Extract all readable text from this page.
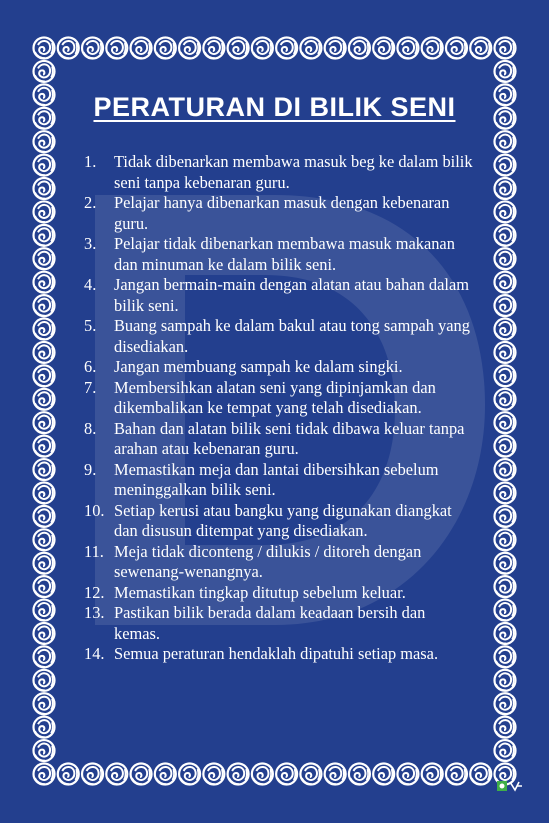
PERATURAN DI BILIK SENI
1.	Tidak dibenarkan membawa masuk beg ke dalam bilik seni tanpa kebenaran guru.
2.	Pelajar hanya dibenarkan masuk dengan kebenaran guru.
3.	Pelajar tidak dibenarkan membawa masuk makanan dan minuman ke dalam bilik seni.
4.	Jangan bermain-main dengan alatan atau bahan dalam bilik seni.
5.	Buang sampah ke dalam bakul atau tong sampah yang disediakan.
6.	Jangan membuang sampah ke dalam singki.
7.	Membersihkan alatan seni yang dipinjamkan dan dikembalikan ke tempat yang telah disediakan.
8.	Bahan dan alatan bilik seni tidak dibawa keluar tanpa arahan atau kebenaran guru.
9.	Memastikan meja dan lantai dibersihkan sebelum meninggalkan bilik seni.
10. Setiap kerusi atau bangku yang digunakan diangkat dan disusun ditempat yang disediakan.
11. Meja tidak diconteng / dilukis / ditoreh dengan sewenang-wenangnya.
12. Memastikan tingkap ditutup sebelum keluar.
13. Pastikan bilik berada dalam keadaan bersih dan kemas.
14. Semua peraturan hendaklah dipatuhi setiap masa.
